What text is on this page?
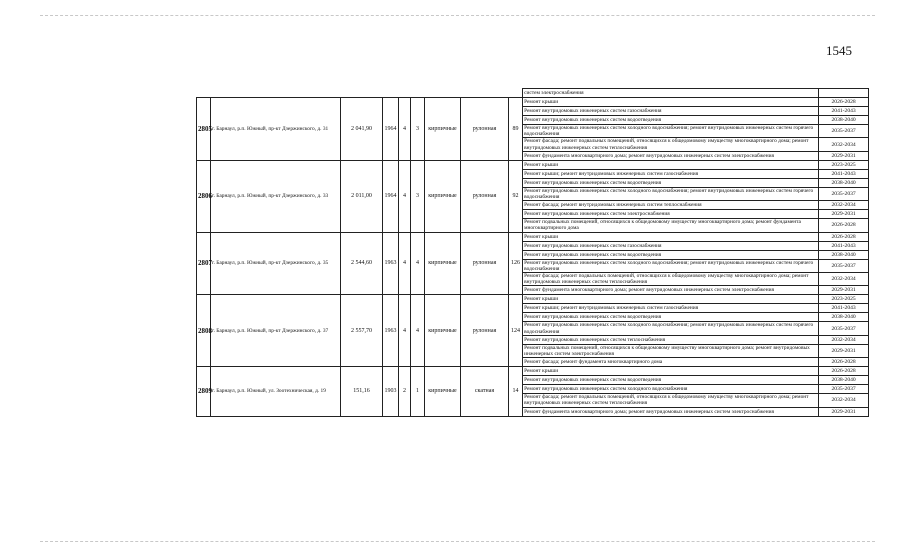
1545
									систем электроснабжения	
2805	г. Барнаул, р.п. Южный, пр-кт Дзержинского, д. 31	2 041,90	1964	4	3	кирпичные	рулонная	89	Ремонт крыши	2026-2028
									Ремонт внутридомовых инженерных систем газоснабжения	2041-2043
									Ремонт внутридомовых инженерных систем водоотведения	2038-2040
									Ремонт внутридомовых инженерных систем холодного водоснабжения; ремонт внутридомовых инженерных систем горячего водоснабжения	2035-2037
									Ремонт фасада; ремонт подвальных помещений, относящихся к общедомовому имуществу многоквартирного дома; ремонт внутридомовых инженерных систем теплоснабжения	2032-2034
									Ремонт фундамента многоквартирного дома; ремонт внутридомовых инженерных систем электроснабжения	2029-2031
2806	г. Барнаул, р.п. Южный, пр-кт Дзержинского, д. 33	2 011,00	1964	4	3	кирпичные	рулонная	92	Ремонт крыши	2023-2025
									Ремонт крыши; ремонт внутридомовых инженерных систем газоснабжения	2041-2043
									Ремонт внутридомовых инженерных систем водоотведения	2038-2040
									Ремонт внутридомовых инженерных систем холодного водоснабжения; ремонт внутридомовых инженерных систем горячего водоснабжения	2035-2037
									Ремонт фасада; ремонт внутридомовых инженерных систем теплоснабжения	2032-2034
									Ремонт внутридомовых инженерных систем электроснабжения	2029-2031
									Ремонт подвальных помещений, относящихся к общедомовому имуществу многоквартирного дома; ремонт фундамента многоквартирного дома	2026-2028
2807	г. Барнаул, р.п. Южный, пр-кт Дзержинского, д. 35	2 544,60	1963	4	4	кирпичные	рулонная	126	Ремонт крыши	2026-2028
									Ремонт внутридомовых инженерных систем газоснабжения	2041-2043
									Ремонт внутридомовых инженерных систем водоотведения	2038-2040
									Ремонт внутридомовых инженерных систем холодного водоснабжения; ремонт внутридомовых инженерных систем горячего водоснабжения	2035-2037
									Ремонт фасада; ремонт подвальных помещений, относящихся к общедомовому имуществу многоквартирного дома; ремонт внутридомовых инженерных систем теплоснабжения	2032-2034
									Ремонт фундамента многоквартирного дома; ремонт внутридомовых инженерных систем электроснабжения	2029-2031
2808	г. Барнаул, р.п. Южный, пр-кт Дзержинского, д. 37	2 557,70	1963	4	4	кирпичные	рулонная	124	Ремонт крыши	2023-2025
									Ремонт крыши; ремонт внутридомовых инженерных систем газоснабжения	2041-2043
									Ремонт внутридомовых инженерных систем водоотведения	2038-2040
									Ремонт внутридомовых инженерных систем холодного водоснабжения; ремонт внутридомовых инженерных систем горячего водоснабжения	2035-2037
									Ремонт внутридомовых инженерных систем теплоснабжения	2032-2034
									Ремонт подвальных помещений, относящихся к общедомовому имуществу многоквартирного дома; ремонт внутридомовых инженерных систем электроснабжения	2029-2031
									Ремонт фасада; ремонт фундамента многоквартирного дома	2026-2028
2809	г. Барнаул, р.п. Южный, ул. Зоотехническая, д. 19	151,16	1903	2	1	кирпичные	скатная	14	Ремонт крыши	2026-2028
									Ремонт внутридомовых инженерных систем водоотведения	2038-2040
									Ремонт внутридомовых инженерных систем холодного водоснабжения	2035-2037
									Ремонт фасада; ремонт подвальных помещений, относящихся к общедомовому имуществу многоквартирного дома; ремонт внутридомовых инженерных систем теплоснабжения	2032-2034
									Ремонт фундамента многоквартирного дома; ремонт внутридомовых инженерных систем электроснабжения	2029-2031
